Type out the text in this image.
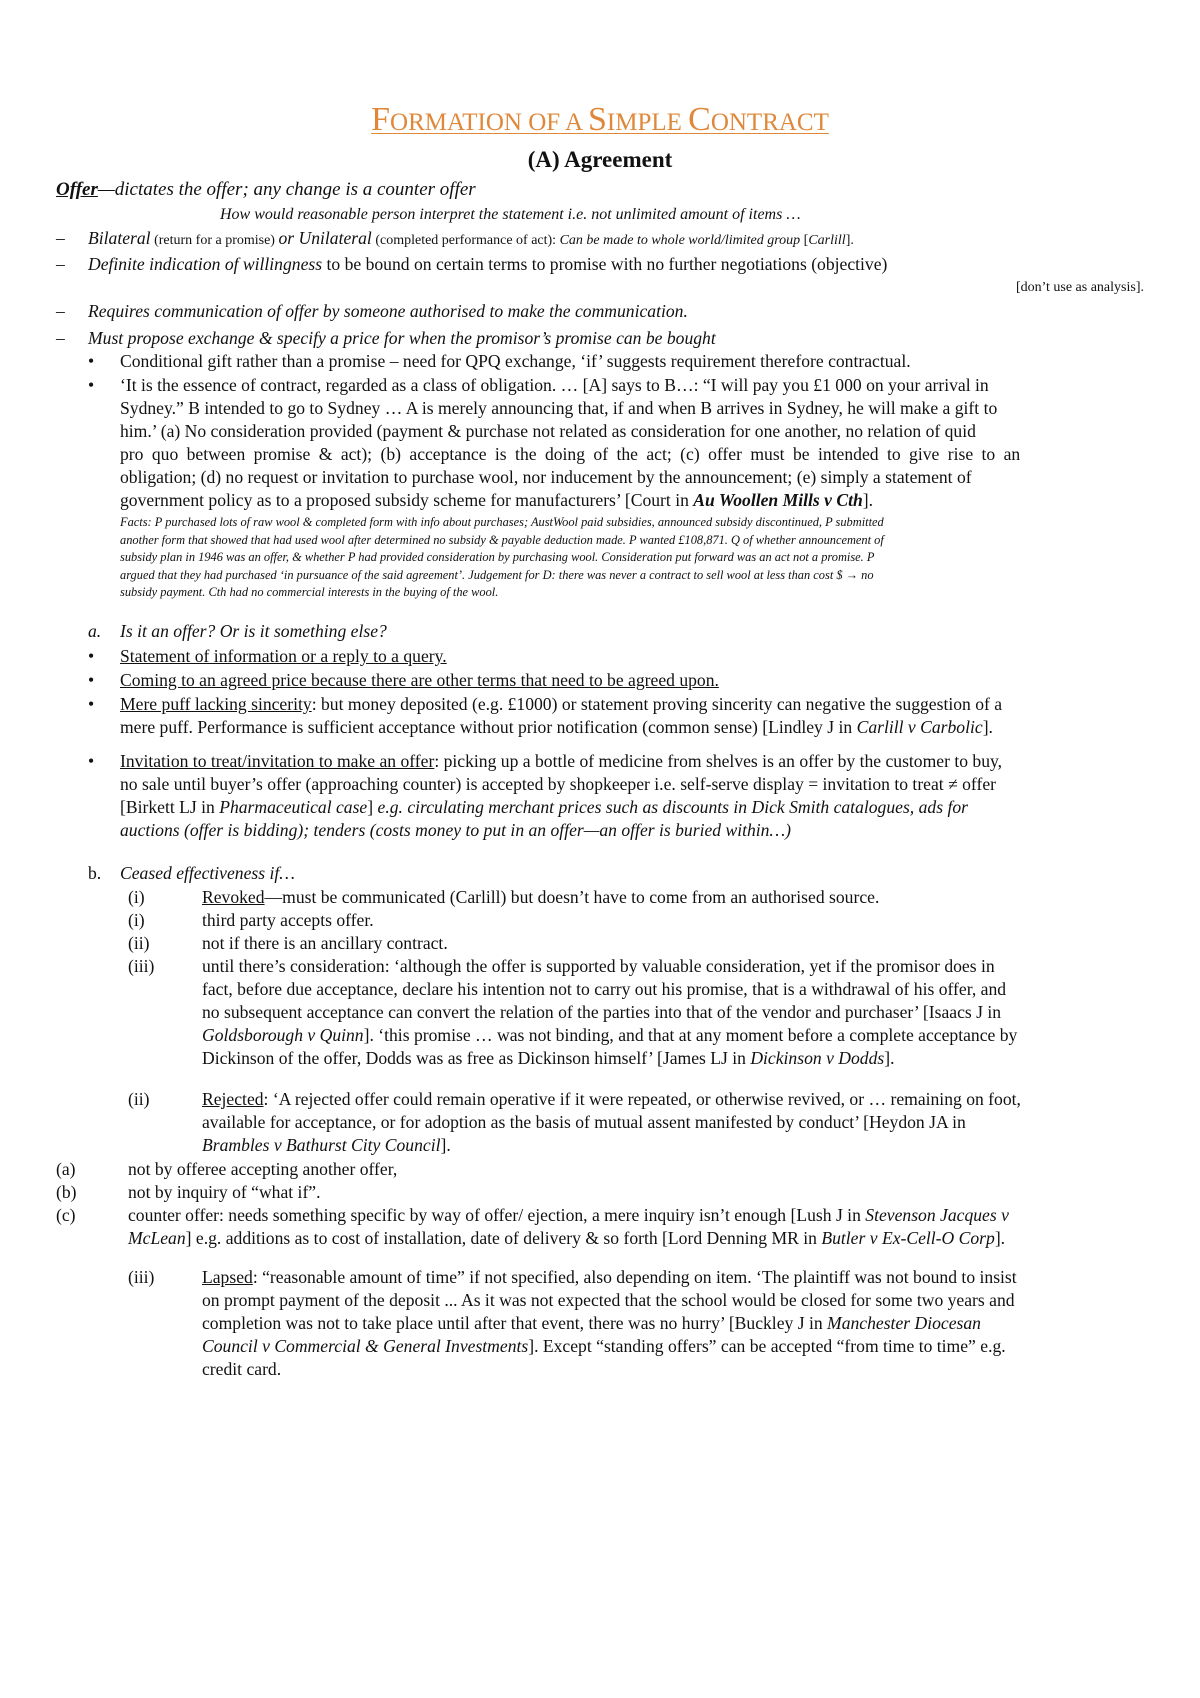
FORMATION OF A SIMPLE CONTRACT
(A) Agreement
Offer—dictates the offer; any change is a counter offer
How would reasonable person interpret the statement i.e. not unlimited amount of items …
– Bilateral (return for a promise) or Unilateral (completed performance of act): Can be made to whole world/limited group [Carlill].
– Definite indication of willingness to be bound on certain terms to promise with no further negotiations (objective)
[don’t use as analysis].
– Requires communication of offer by someone authorised to make the communication.
– Must propose exchange & specify a price for when the promisor’s promise can be bought
• Conditional gift rather than a promise – need for QPQ exchange, ‘if’ suggests requirement therefore contractual.
• ‘It is the essence of contract, regarded as a class of obligation. … [A] says to B…: “I will pay you £1 000 on your arrival in
Sydney.” B intended to go to Sydney … A is merely announcing that, if and when B arrives in Sydney, he will make a gift to
him.’ (a) No consideration provided (payment & purchase not related as consideration for one another, no relation of quid
pro quo between promise & act); (b) acceptance is the doing of the act; (c) offer must be intended to give rise to an
obligation; (d) no request or invitation to purchase wool, nor inducement by the announcement; (e) simply a statement of
government policy as to a proposed subsidy scheme for manufacturers’ [Court in Au Woollen Mills v Cth].
Facts: P purchased lots of raw wool & completed form with info about purchases; AustWool paid subsidies, announced subsidy discontinued, P submitted
another form that showed that had used wool after determined no subsidy & payable deduction made. P wanted £108,871. Q of whether announcement of
subsidy plan in 1946 was an offer, & whether P had provided consideration by purchasing wool. Consideration put forward was an act not a promise. P
argued that they had purchased ‘in pursuance of the said agreement’. Judgement for D: there was never a contract to sell wool at less than cost $ → no
subsidy payment. Cth had no commercial interests in the buying of the wool.
a. Is it an offer? Or is it something else?
• Statement of information or a reply to a query.
• Coming to an agreed price because there are other terms that need to be agreed upon.
• Mere puff lacking sincerity: but money deposited (e.g. £1000) or statement proving sincerity can negative the suggestion of a
mere puff. Performance is sufficient acceptance without prior notification (common sense) [Lindley J in Carlill v Carbolic].
• Invitation to treat/invitation to make an offer: picking up a bottle of medicine from shelves is an offer by the customer to buy,
no sale until buyer’s offer (approaching counter) is accepted by shopkeeper i.e. self-serve display = invitation to treat ≠ offer
[Birkett LJ in Pharmaceutical case] e.g. circulating merchant prices such as discounts in Dick Smith catalogues, ads for
auctions (offer is bidding); tenders (costs money to put in an offer—an offer is buried within…)
b. Ceased effectiveness if…
(i)	Revoked—must be communicated (Carlill) but doesn’t have to come from an authorised source.
(i)	third party accepts offer.
(ii)	not if there is an ancillary contract.
(iii)	until there’s consideration: ‘although the offer is supported by valuable consideration, yet if the promisor does in
fact, before due acceptance, declare his intention not to carry out his promise, that is a withdrawal of his offer, and
no subsequent acceptance can convert the relation of the parties into that of the vendor and purchaser’ [Isaacs J in
Goldsborough v Quinn]. ‘this promise … was not binding, and that at any moment before a complete acceptance by
Dickinson of the offer, Dodds was as free as Dickinson himself’ [James LJ in Dickinson v Dodds].
(ii)	Rejected: ‘A rejected offer could remain operative if it were repeated, or otherwise revived, or … remaining on foot,
available for acceptance, or for adoption as the basis of mutual assent manifested by conduct’ [Heydon JA in
Brambles v Bathurst City Council].
(a)	not by offeree accepting another offer,
(b)	not by inquiry of “what if”.
(c)	counter offer: needs something specific by way of offer/ ejection, a mere inquiry isn’t enough [Lush J in Stevenson Jacques v
McLean] e.g. additions as to cost of installation, date of delivery & so forth [Lord Denning MR in Butler v Ex-Cell-O Corp].
(iii)	Lapsed: “reasonable amount of time” if not specified, also depending on item. ‘The plaintiff was not bound to insist
on prompt payment of the deposit ... As it was not expected that the school would be closed for some two years and
completion was not to take place until after that event, there was no hurry’ [Buckley J in Manchester Diocesan
Council v Commercial & General Investments]. Except “standing offers” can be accepted “from time to time” e.g.
credit card.
